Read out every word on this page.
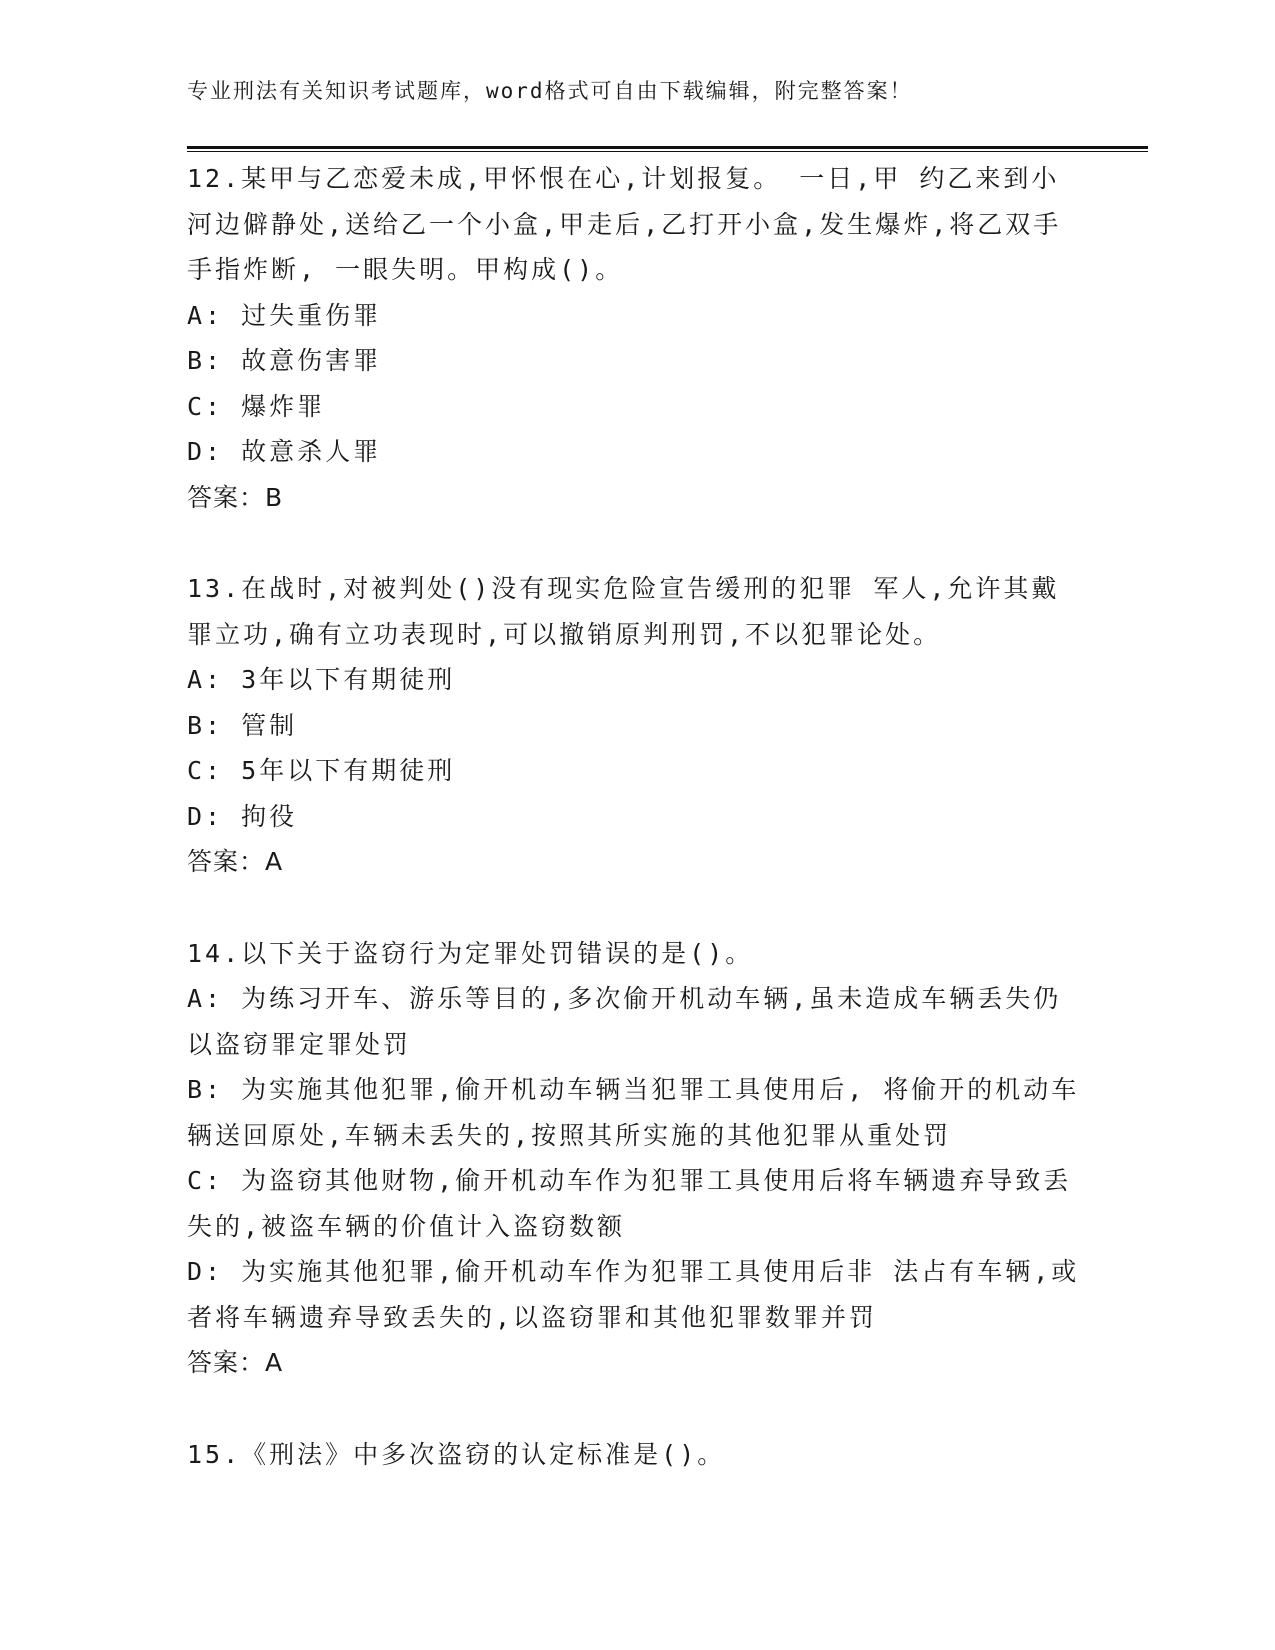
专业刑法有关知识考试题库，word格式可自由下载编辑，附完整答案！

12.某甲与乙恋爱未成,甲怀恨在心,计划报复。 一日,甲 约乙来到小河边僻静处,送给乙一个小盒,甲走后,乙打开小盒,发生爆炸,将乙双手手指炸断, 一眼失明。甲构成()。

A: 过失重伤罪

B: 故意伤害罪

C: 爆炸罪

D: 故意杀人罪

答案：B

13.在战时,对被判处()没有现实危险宣告缓刑的犯罪 军人,允许其戴罪立功,确有立功表现时,可以撤销原判刑罚,不以犯罪论处。

A: 3年以下有期徒刑

B: 管制

C: 5年以下有期徒刑

D: 拘役

答案：A

14.以下关于盗窃行为定罪处罚错误的是()。

A: 为练习开车、游乐等目的,多次偷开机动车辆,虽未造成车辆丢失仍以盗窃罪定罪处罚

B: 为实施其他犯罪,偷开机动车辆当犯罪工具使用后, 将偷开的机动车辆送回原处,车辆未丢失的,按照其所实施的其他犯罪从重处罚

C: 为盗窃其他财物,偷开机动车作为犯罪工具使用后将车辆遗弃导致丢失的,被盗车辆的价值计入盗窃数额

D: 为实施其他犯罪,偷开机动车作为犯罪工具使用后非 法占有车辆,或者将车辆遗弃导致丢失的,以盗窃罪和其他犯罪数罪并罚

答案：A

15.《刑法》中多次盗窃的认定标准是()。
